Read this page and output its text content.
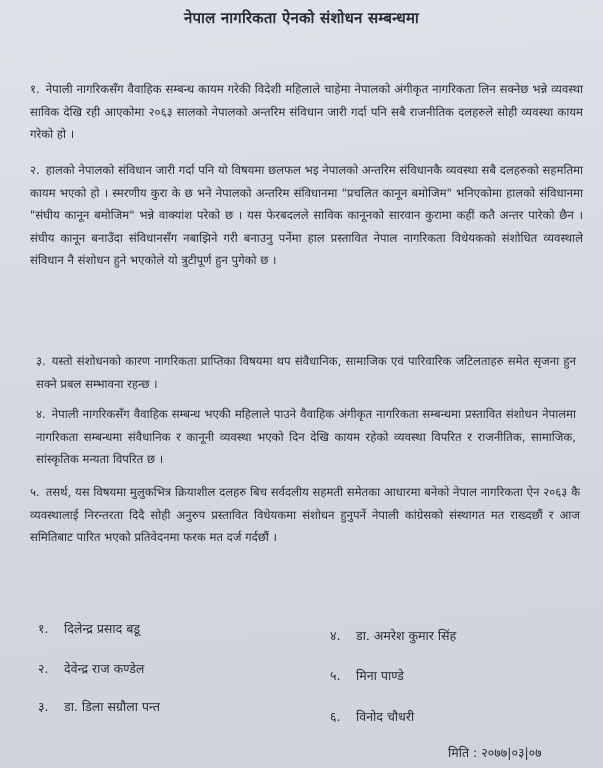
नेपाल नागरिकता ऐनको संशोधन सम्बन्धमा
१. नेपाली नागरिकसँग वैवाहिक सम्बन्ध कायम गरेकी विदेशी महिलाले चाहेमा नेपालको अंगीकृत नागरिकता लिन सक्नेछ भन्ने व्यवस्था साविक देखि रही आएकोमा २०६३ सालको नेपालको अन्तरिम संविधान जारी गर्दा पनि सबै राजनीतिक दलहरुले सोही व्यवस्था कायम गरेको हो ।
२. हालको नेपालको संविधान जारी गर्दा पनि यो विषयमा छलफल भइ नेपालको अन्तरिम संविधानकै व्यवस्था सबै दलहरुको सहमतिमा कायम भएको हो । स्मरणीय कुरा के छ भने नेपालको अन्तरिम संविधानमा "प्रचलित कानून बमोजिम" भनिएकोमा हालको संविधानमा "संघीय कानून बमोजिम" भन्ने वाक्यांश परेको छ । यस फेरबदलले साविक कानूनको सारवान कुरामा कहीं कतै अन्तर पारेको छैन । संघीय कानून बनाउँदा संविधानसँग नबाझिने गरी बनाउनु पर्नेमा हाल प्रस्तावित नेपाल नागरिकता विधेयकको संशोधित व्यवस्थाले संविधान नै संशोधन हुने भएकोले यो त्रुटीपूर्ण हुन पुगेको छ ।
३. यस्तो संशोधनको कारण नागरिकता प्राप्तिका विषयमा थप संवैधानिक, सामाजिक एवं पारिवारिक जटिलताहरु समेत सृजना हुन सक्ने प्रबल सम्भावना रहन्छ ।
४. नेपाली नागरिकसँग वैवाहिक सम्बन्ध भएकी महिलाले पाउने वैवाहिक अंगीकृत नागरिकता सम्बन्धमा प्रस्तावित संशोधन नेपालमा नागरिकता सम्बन्धमा संवैधानिक र कानूनी व्यवस्था भएको दिन देखि कायम रहेको व्यवस्था विपरित र राजनीतिक, सामाजिक, सांस्कृतिक मन्यता विपरित छ ।
५. तसर्थ, यस विषयमा मुलुकभित्र क्रियाशील दलहरु बिच सर्वदलीय सहमती समेतका आधारमा बनेको नेपाल नागरिकता ऐन २०६३ कै व्यवस्थालाई निरन्तरता दिदै सोही अनुरुप प्रस्तावित विधेयकमा संशोधन हुनुपर्ने नेपाली कांग्रेसको संस्थागत मत राख्दछौं र आज समितिबाट पारित भएको प्रतिवेदनमा फरक मत दर्ज गर्दछौं ।
१. दिलेन्द्र प्रसाद बडू
२. देवेन्द्र राज कण्डेल
३. डा. डिला सग्रौला पन्त
४. डा. अमरेश कुमार सिंह
५. मिना पाण्डे
६. विनोद चौधरी
मिति : २०७७|०३|०७
